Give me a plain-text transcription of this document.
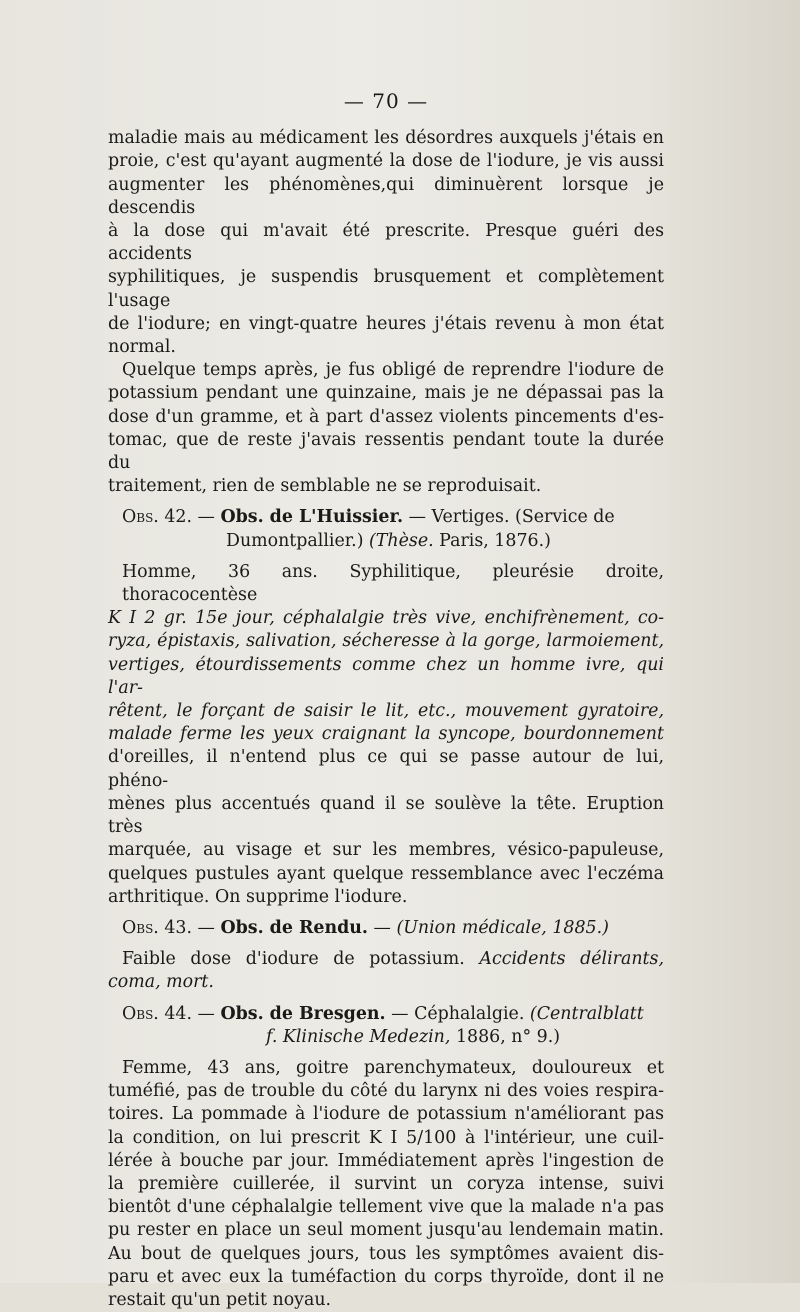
— 70 —

maladie mais au médicament les désordres auxquels j'étais en
proie, c'est qu'ayant augmenté la dose de l'iodure, je vis aussi
augmenter les phénomènes,qui diminuèrent lorsque je descendis
à la dose qui m'avait été prescrite. Presque guéri des accidents
syphilitiques, je suspendis brusquement et complètement l'usage
de l'iodure; en vingt-quatre heures j'étais revenu à mon état
normal.

Quelque temps après, je fus obligé de reprendre l'iodure de
potassium pendant une quinzaine, mais je ne dépassai pas la
dose d'un gramme, et à part d'assez violents pincements d'es-
tomac, que de reste j'avais ressentis pendant toute la durée du
traitement, rien de semblable ne se reproduisait.

Obs. 42. — Obs. de L'Huissier. — Vertiges. (Service de
Dumontpallier.) (Thèse. Paris, 1876.)

Homme, 36 ans. Syphilitique, pleurésie droite, thoracocentèse
K I 2 gr. 15e jour, céphalalgie très vive, enchifrènement, co-
ryza, épistaxis, salivation, sécheresse à la gorge, larmoiement,
vertiges, étourdissements comme chez un homme ivre, qui l'ar-
rêtent, le forçant de saisir le lit, etc., mouvement gyratoire,
malade ferme les yeux craignant la syncope, bourdonnement
d'oreilles, il n'entend plus ce qui se passe autour de lui, phéno-
mènes plus accentués quand il se soulève la tête. Eruption très
marquée, au visage et sur les membres, vésico-papuleuse,
quelques pustules ayant quelque ressemblance avec l'eczéma
arthritique. On supprime l'iodure.

Obs. 43. — Obs. de Rendu. — (Union médicale, 1885.)

Faible dose d'iodure de potassium. Accidents délirants,
coma, mort.

Obs. 44. — Obs. de Bresgen. — Céphalalgie. (Centralblatt
f. Klinische Medezin, 1886, n° 9.)

Femme, 43 ans, goitre parenchymateux, douloureux et
tuméfié, pas de trouble du côté du larynx ni des voies respira-
toires. La pommade à l'iodure de potassium n'améliorant pas
la condition, on lui prescrit K I 5/100 à l'intérieur, une cuil-
lérée à bouche par jour. Immédiatement après l'ingestion de
la première cuillerée, il survint un coryza intense, suivi
bientôt d'une céphalalgie tellement vive que la malade n'a pas
pu rester en place un seul moment jusqu'au lendemain matin.
Au bout de quelques jours, tous les symptômes avaient dis-
paru et avec eux la tuméfaction du corps thyroïde, dont il ne
restait qu'un petit noyau.
